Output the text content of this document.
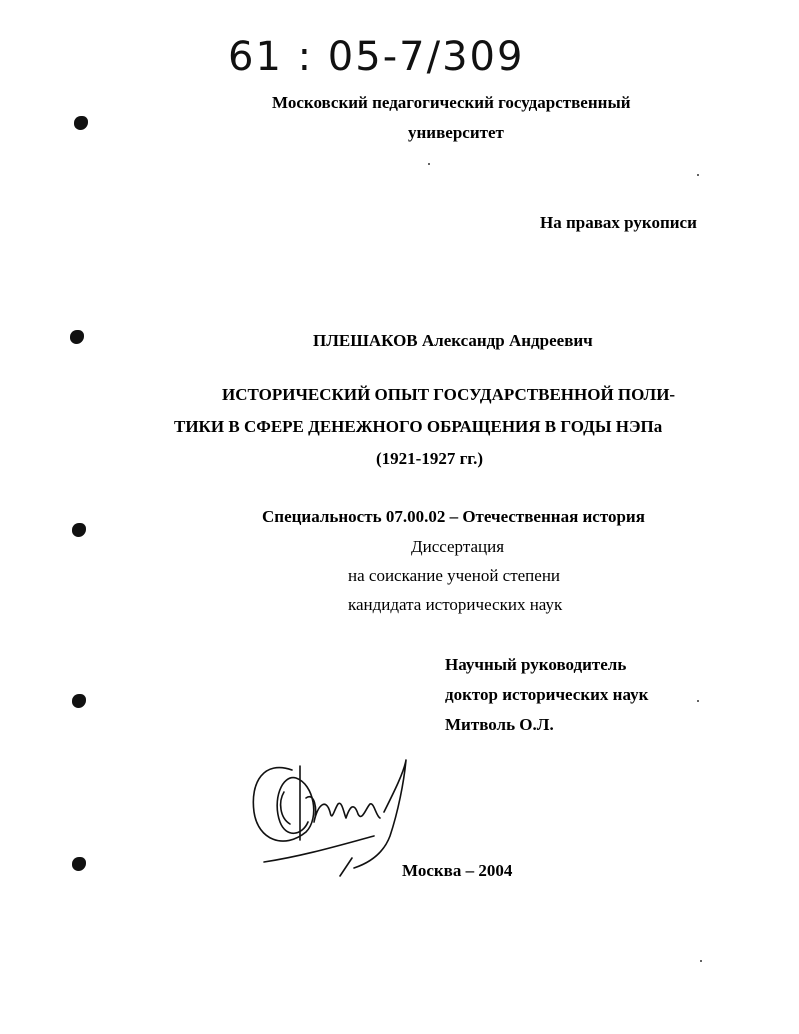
61 : 05-7/309
Московский педагогический государственный
университет
На правах рукописи
ПЛЕШАКОВ Александр Андреевич
ИСТОРИЧЕСКИЙ ОПЫТ ГОСУДАРСТВЕННОЙ ПОЛИ-
ТИКИ В СФЕРЕ ДЕНЕЖНОГО ОБРАЩЕНИЯ В ГОДЫ НЭПа
(1921-1927 гг.)
Специальность 07.00.02 – Отечественная история
Диссертация
на соискание ученой степени
кандидата исторических наук
Научный руководитель
доктор исторических наук
Митволь О.Л.
Москва – 2004
